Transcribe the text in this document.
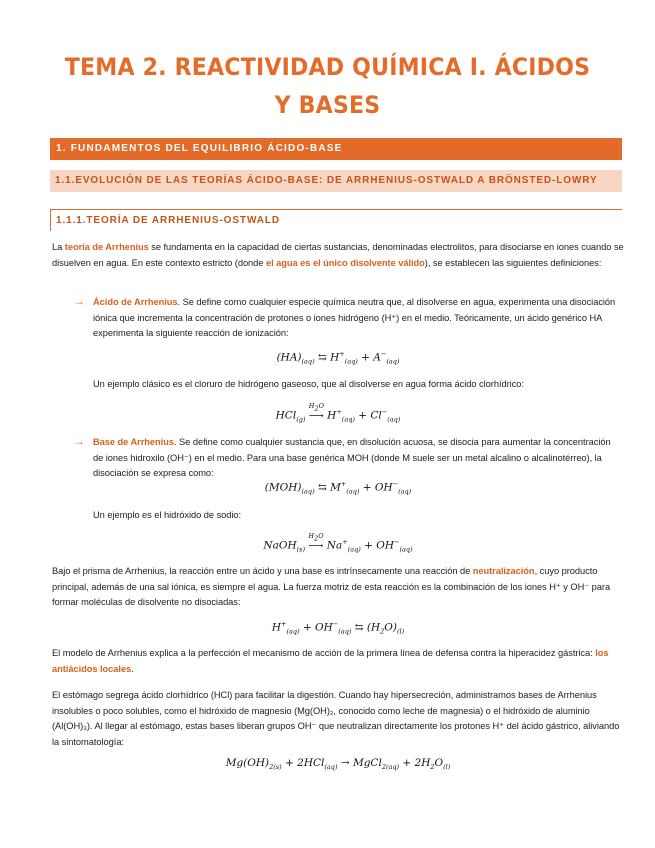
TEMA 2. REACTIVIDAD QUÍMICA I. ÁCIDOS Y BASES
1. FUNDAMENTOS DEL EQUILIBRIO ÁCIDO-BASE
1.1.EVOLUCIÓN DE LAS TEORÍAS ÁCIDO-BASE: DE ARRHENIUS-OSTWALD A BRÖNSTED-LOWRY
1.1.1.TEORÍA DE ARRHENIUS-OSTWALD
La teoría de Arrhenius se fundamenta en la capacidad de ciertas sustancias, denominadas electrolitos, para disociarse en iones cuando se disuelven en agua. En este contexto estricto (donde el agua es el único disolvente válido), se establecen las siguientes definiciones:
→ Ácido de Arrhenius. Se define como cualquier especie química neutra que, al disolverse en agua, experimenta una disociación iónica que incrementa la concentración de protones o iones hidrógeno (H⁺) en el medio. Teóricamente, un ácido genérico HA experimenta la siguiente reacción de ionización:
$(HA)_{(aq)}$ ⇆ $H^+_{(aq)} + A^-_{(aq)}$
Un ejemplo clásico es el cloruro de hidrógeno gaseoso, que al disolverse en agua forma ácido clorhídrico:
HCl$_{(g)}$
$H_2O$
⟶ $H^+_{(aq)} + Cl^-_{(aq)}$
→ Base de Arrhenius. Se define como cualquier sustancia que, en disolución acuosa, se disocia para aumentar la concentración de iones hidroxilo (OH⁻) en el medio. Para una base genérica MOH (donde M suele ser un metal alcalino o alcalinotérreo), la disociación se expresa como:
$(MOH)_{(aq)}$ ⇆ $M^+_{(aq)} + OH^-_{(aq)}$
Un ejemplo es el hidróxido de sodio:
NaOH$_{(s)}$
$H_2O$
⟶ $Na^+_{(aq)} + OH^-_{(aq)}$
Bajo el prisma de Arrhenius, la reacción entre un ácido y una base es intrínsecamente una reacción de neutralización, cuyo producto principal, además de una sal iónica, es siempre el agua. La fuerza motriz de esta reacción es la combinación de los iones H⁺ y OH⁻ para formar moléculas de disolvente no disociadas:
$H^+_{(aq)} + OH^-_{(aq)}$ ⇆ $(H_2O)_{(l)}$
El modelo de Arrhenius explica a la perfección el mecanismo de acción de la primera línea de defensa contra la hiperacidez gástrica: los antiácidos locales.
El estómago segrega ácido clorhídrico (HCl) para facilitar la digestión. Cuando hay hipersecreción, administramos bases de Arrhenius insolubles o poco solubles, como el hidróxido de magnesio (Mg(OH)₂, conocido como leche de magnesia) o el hidróxido de aluminio (Al(OH)₃). Al llegar al estómago, estas bases liberan grupos OH⁻ que neutralizan directamente los protones H⁺ del ácido gástrico, aliviando la sintomatología:
$Mg(OH)_{2(s)} + 2HCl_{(aq)}$ → MgCl$_{2(aq)}$ + $2H_2O_{(l)}$
